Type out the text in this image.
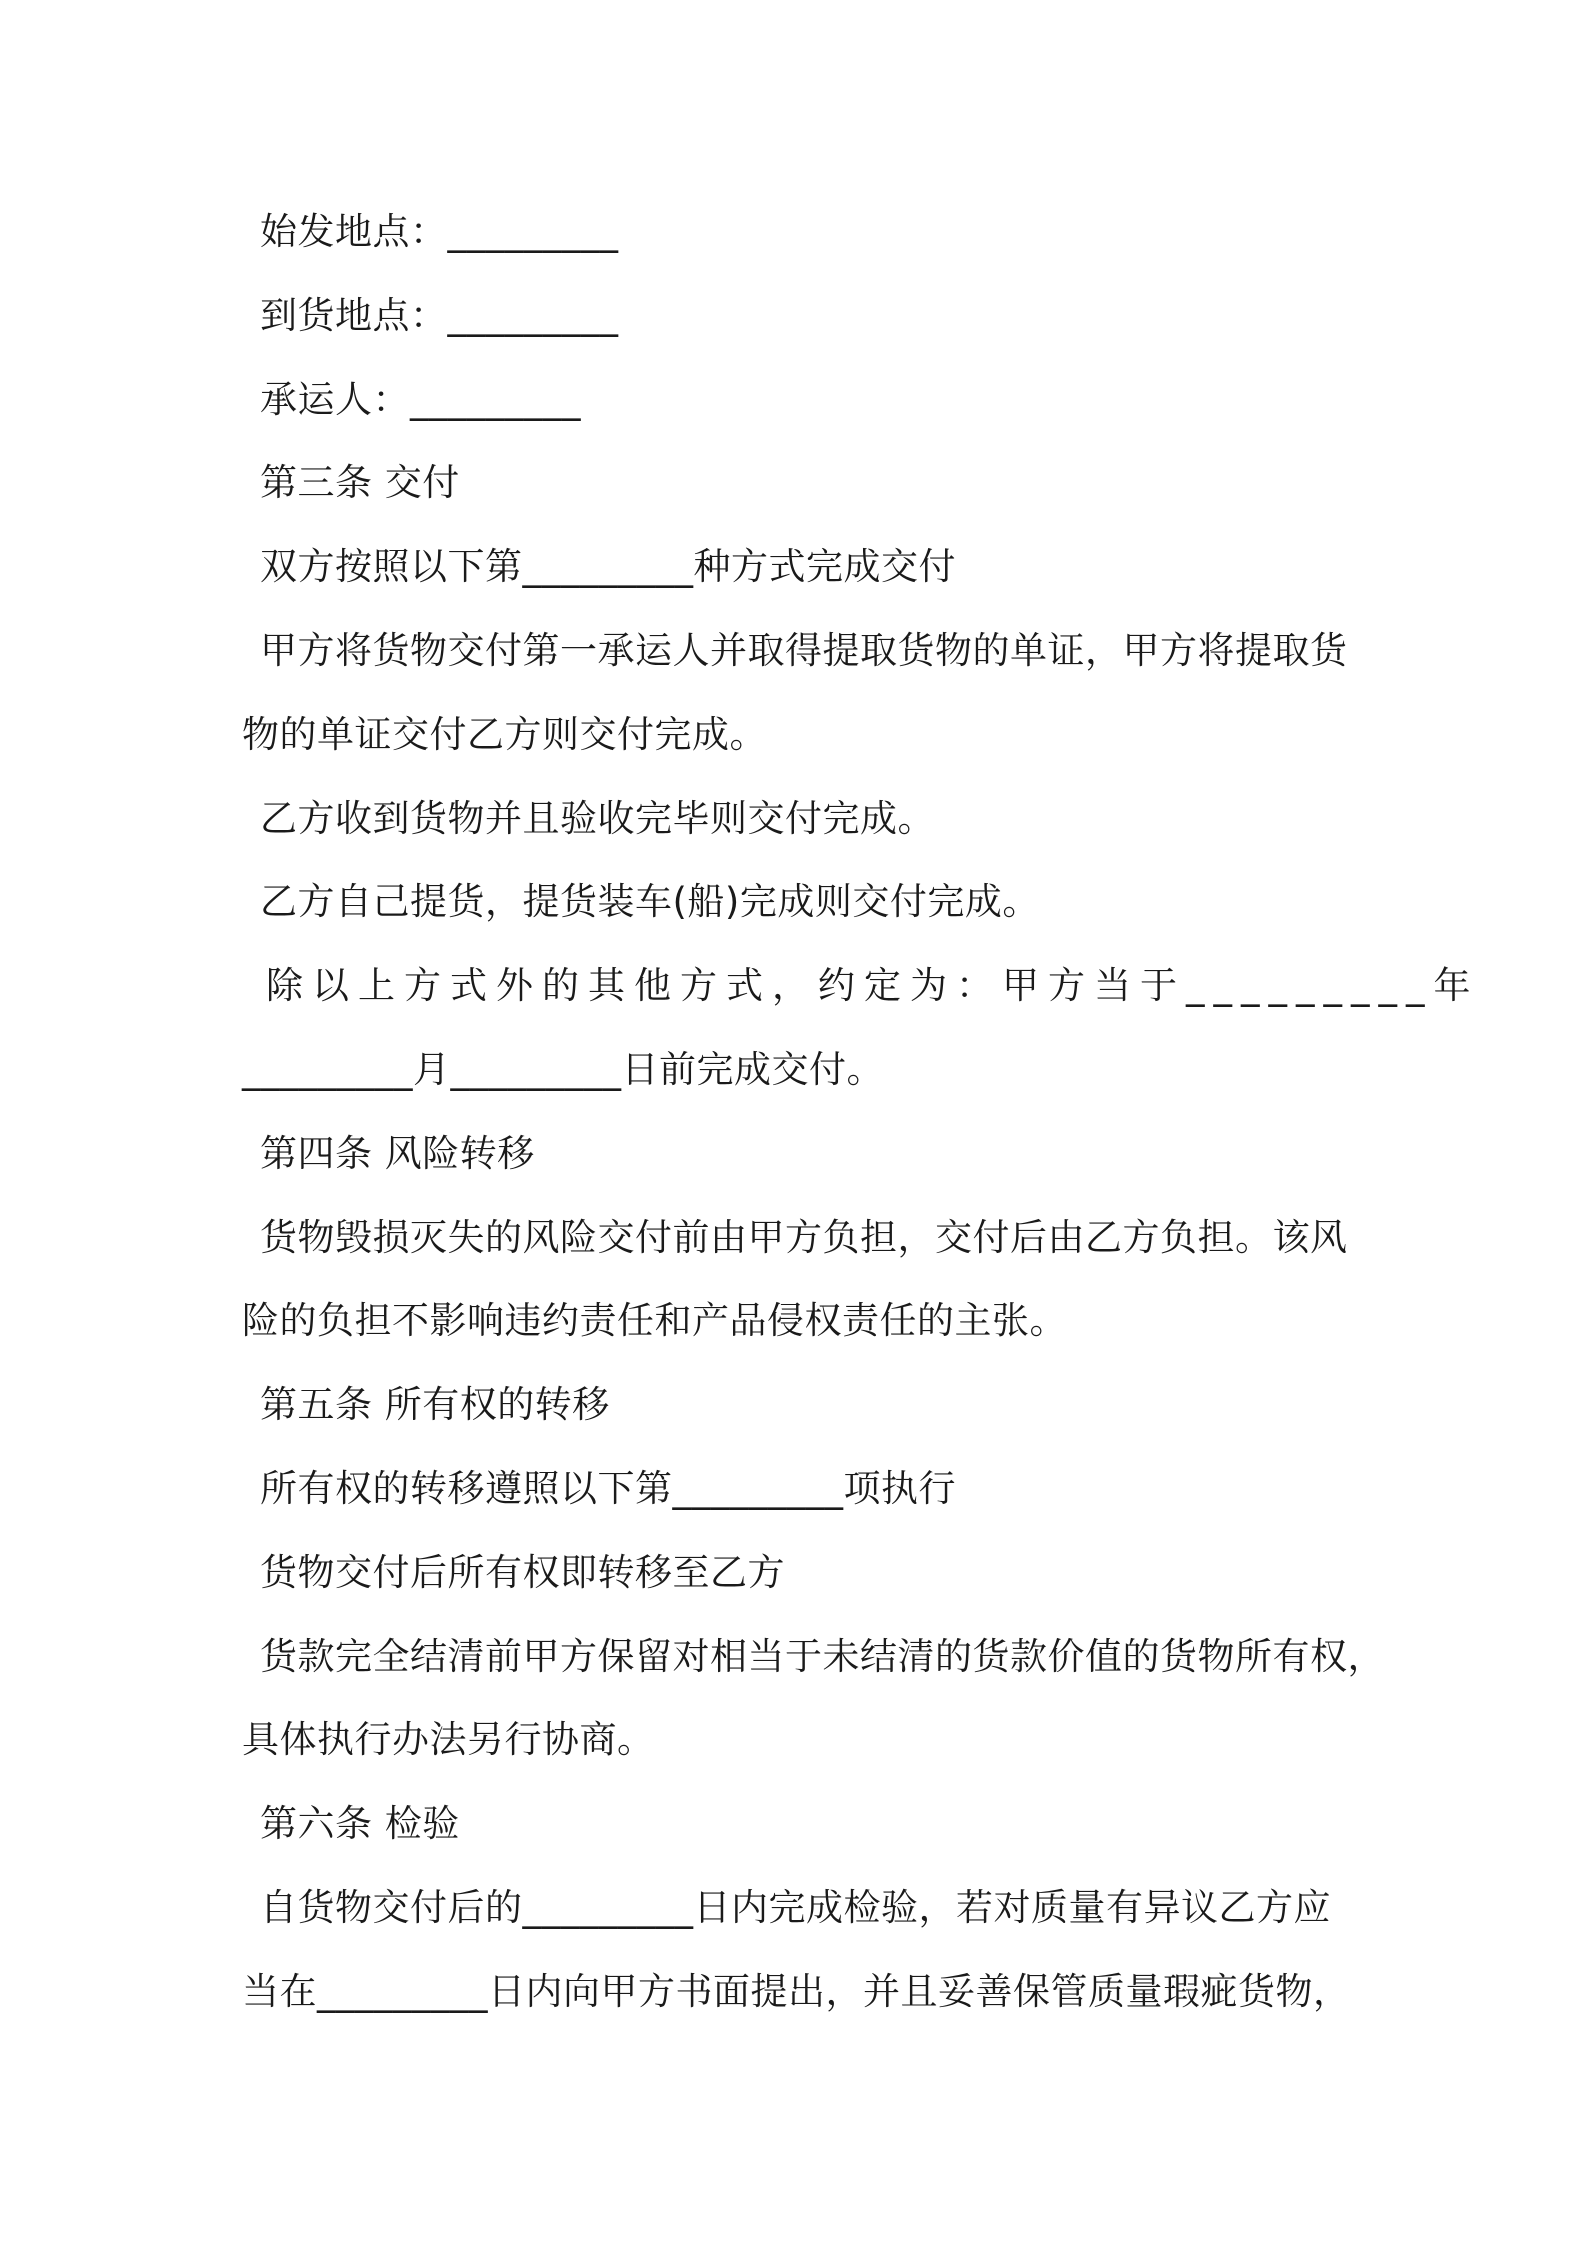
始发地点：_________
到货地点：_________
承运人：_________
第三条 交付
双方按照以下第_________种方式完成交付
甲方将货物交付第一承运人并取得提取货物的单证，甲方将提取货
物的单证交付乙方则交付完成。
乙方收到货物并且验收完毕则交付完成。
乙方自己提货，提货装车(船)完成则交付完成。
除以上方式外的其他方式，约定为：甲方当于_________年
_________月_________日前完成交付。
第四条 风险转移
货物毁损灭失的风险交付前由甲方负担，交付后由乙方负担。该风
险的负担不影响违约责任和产品侵权责任的主张。
第五条 所有权的转移
所有权的转移遵照以下第_________项执行
货物交付后所有权即转移至乙方
货款完全结清前甲方保留对相当于未结清的货款价值的货物所有权，
具体执行办法另行协商。
第六条 检验
自货物交付后的_________日内完成检验，若对质量有异议乙方应
当在_________日内向甲方书面提出，并且妥善保管质量瑕疵货物，
